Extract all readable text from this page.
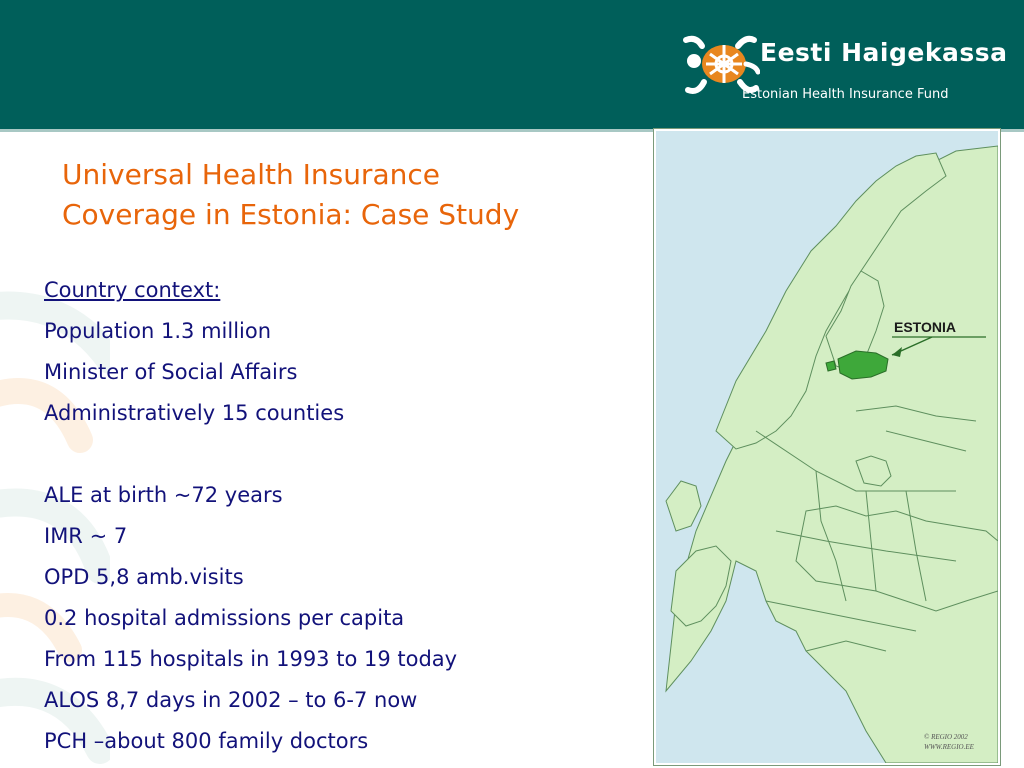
Eesti Haigekassa
Estonian Health Insurance Fund
Universal Health Insurance
Coverage in Estonia: Case Study
Country context:
Population 1.3 million
Minister of Social Affairs
Administratively 15 counties
ALE at birth ~72 years
IMR ~ 7
OPD 5,8 amb.visits
0.2 hospital admissions per capita
From 115 hospitals in 1993 to 19 today
ALOS 8,7 days in 2002 – to 6-7 now
PCH –about 800 family doctors
ESTONIA
© REGIO 2002
WWW.REGIO.EE
